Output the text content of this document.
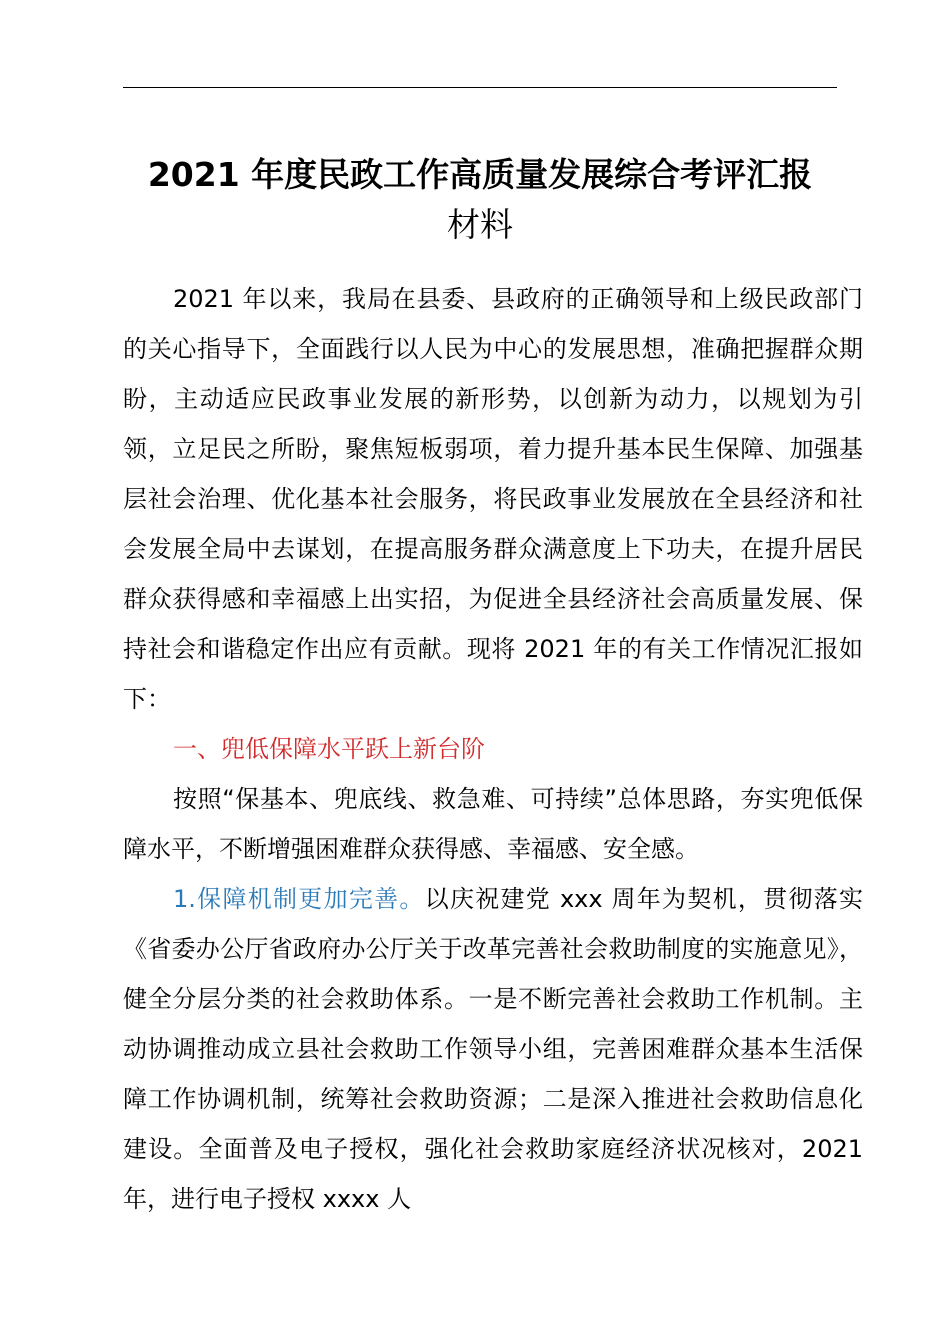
2021 年度民政工作高质量发展综合考评汇报
材料

2021 年以来，我局在县委、县政府的正确领导和上级民政部门的关心指导下，全面践行以人民为中心的发展思想，准确把握群众期盼，主动适应民政事业发展的新形势，以创新为动力，以规划为引领，立足民之所盼，聚焦短板弱项，着力提升基本民生保障、加强基层社会治理、优化基本社会服务，将民政事业发展放在全县经济和社会发展全局中去谋划，在提高服务群众满意度上下功夫，在提升居民群众获得感和幸福感上出实招，为促进全县经济社会高质量发展、保持社会和谐稳定作出应有贡献。现将 2021 年的有关工作情况汇报如下：

一、兜低保障水平跃上新台阶

按照“保基本、兜底线、救急难、可持续”总体思路，夯实兜低保障水平，不断增强困难群众获得感、幸福感、安全感。

1.保障机制更加完善。以庆祝建党 xxx 周年为契机，贯彻落实《省委办公厅省政府办公厅关于改革完善社会救助制度的实施意见》，健全分层分类的社会救助体系。一是不断完善社会救助工作机制。主动协调推动成立县社会救助工作领导小组，完善困难群众基本生活保障工作协调机制，统筹社会救助资源；二是深入推进社会救助信息化建设。全面普及电子授权，强化社会救助家庭经济状况核对，2021 年，进行电子授权 xxxx 人
